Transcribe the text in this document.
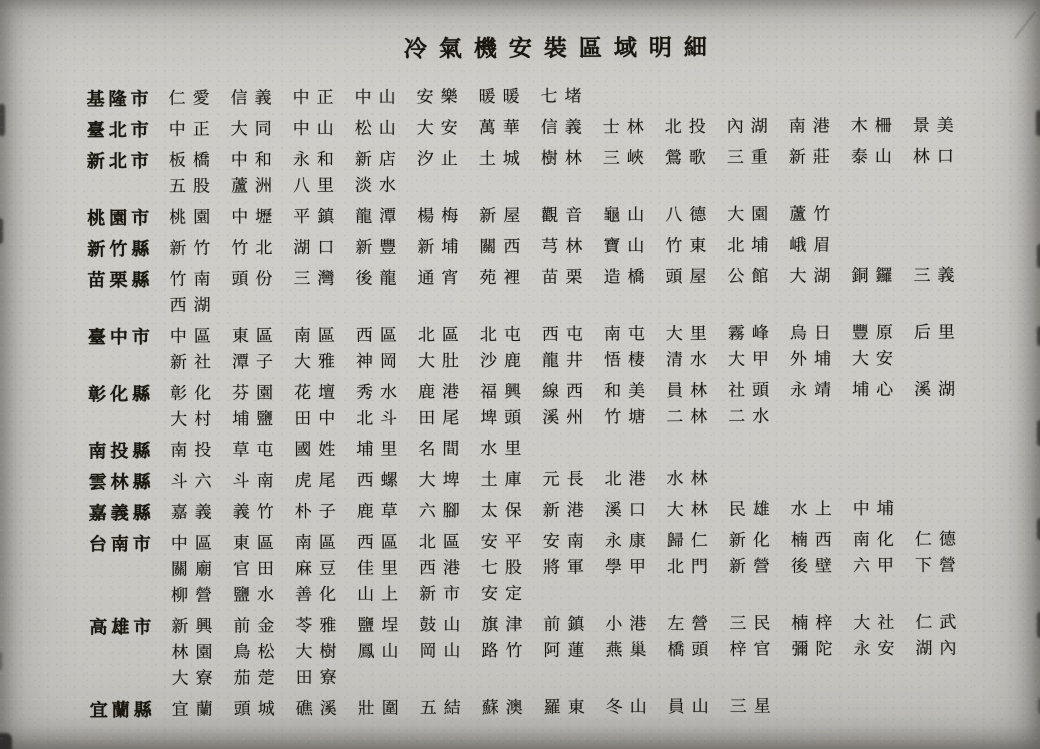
冷氣機安裝區域明細
基隆市 仁愛 信義 中正 中山 安樂 暖暖 七堵
臺北市 中正 大同 中山 松山 大安 萬華 信義 士林 北投 內湖 南港 木柵 景美
新北市 板橋 中和 永和 新店 汐止 土城 樹林 三峽 鶯歌 三重 新莊 泰山 林口
五股 蘆洲 八里 淡水
桃園市 桃園 中壢 平鎮 龍潭 楊梅 新屋 觀音 龜山 八德 大園 蘆竹
新竹縣 新竹 竹北 湖口 新豐 新埔 關西 芎林 寶山 竹東 北埔 峨眉
苗栗縣 竹南 頭份 三灣 後龍 通宵 苑裡 苗栗 造橋 頭屋 公館 大湖 銅鑼 三義
西湖
臺中市 中區 東區 南區 西區 北區 北屯 西屯 南屯 大里 霧峰 烏日 豐原 后里
新社 潭子 大雅 神岡 大肚 沙鹿 龍井 悟棲 清水 大甲 外埔 大安
彰化縣 彰化 芬園 花壇 秀水 鹿港 福興 線西 和美 員林 社頭 永靖 埔心 溪湖
大村 埔鹽 田中 北斗 田尾 埤頭 溪州 竹塘 二林 二水
南投縣 南投 草屯 國姓 埔里 名間 水里
雲林縣 斗六 斗南 虎尾 西螺 大埤 土庫 元長 北港 水林
嘉義縣 嘉義 義竹 朴子 鹿草 六腳 太保 新港 溪口 大林 民雄 水上 中埔
台南市 中區 東區 南區 西區 北區 安平 安南 永康 歸仁 新化 楠西 南化 仁德
關廟 官田 麻豆 佳里 西港 七股 將軍 學甲 北門 新營 後壁 六甲 下營
柳營 鹽水 善化 山上 新市 安定
高雄市 新興 前金 苓雅 鹽埕 鼓山 旗津 前鎮 小港 左營 三民 楠梓 大社 仁武
林園 鳥松 大樹 鳳山 岡山 路竹 阿蓮 燕巢 橋頭 梓官 彌陀 永安 湖內
大寮 茄萣 田寮
宜蘭縣 宜蘭 頭城 礁溪 壯圍 五結 蘇澳 羅東 冬山 員山 三星
